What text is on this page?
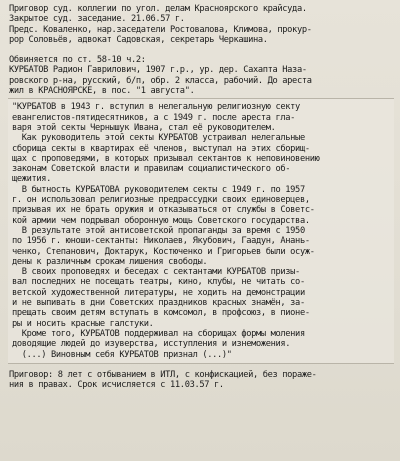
Приговор суд. коллегии по угол. делам Красноярского крайсуда.
Закрытое суд. заседание. 21.06.57 г.
Предс. Коваленко, нар.заседатели Ростовалова, Климова, прокур-
рор Соловьёв, адвокат Садовская, секретарь Черкашина.
Обвиняется по ст. 58-10 ч.2:
КУРБАТОВ Радион Гаврилович, 1907 г.р., ур. дер. Сахапта Наза-
ровского р-на, русский, б/п, обр. 2 класса, рабочий. До ареста
жил в КРАСНОЯРСКЕ, в пос. "1 августа".
"КУРБАТОВ в 1943 г. вступил в нелегальную религиозную секту
евангелистов-пятидесятников, а с 1949 г. после ареста гла-
варя этой секты Чернышук Ивана, стал её руководителем.
Как руководитель этой секты КУРБАТОВ устраивал нелегальные
сборища секты в квартирах её членов, выступал на этих сборищ-
щах с проповедями, в которых призывал сектантов к неповиновению
законам Советской власти и правилам социалистического об-
щежития.
В бытность КУРБАТОВА руководителем секты с 1949 г. по 1957
г. он использовал религиозные предрассудки своих единоверцев,
призывая их не брать оружия и отказываться от службы в Советс-
кой армии чем подрывал оборонную мощь Советского государства.
В результате этой антисоветской пропаганды за время с 1950
по 1956 г. юноши-сектанты: Николаев, Якубович, Гаадун, Анань-
ченко, Степанович, Доктарук, Костюченко и Григорьев были осуж-
дены к различным срокам лишения свободы.
В своих проповедях и беседах с сектантами КУРБАТОВ призы-
вал последних не посещать театры, кино, клубы, не читать со-
ветской художественной литературы, не ходить на демонстрации
и не выпивать в дни Советских праздников красных знамён, за-
прещать своим детям вступать в комсомол, в профсоюз, в пионе-
ры и носить красные галстуки.
Кроме того, КУРБАТОВ поддерживал на сборищах формы моления
доводящие людей до изуверства, исступления и изнеможения.
(...) Виновным себя КУРБАТОВ признал (...)"
Приговор: 8 лет с отбыванием в ИТЛ, с конфискацией, без пораже-
ния в правах. Срок исчисляется с 11.03.57 г.
